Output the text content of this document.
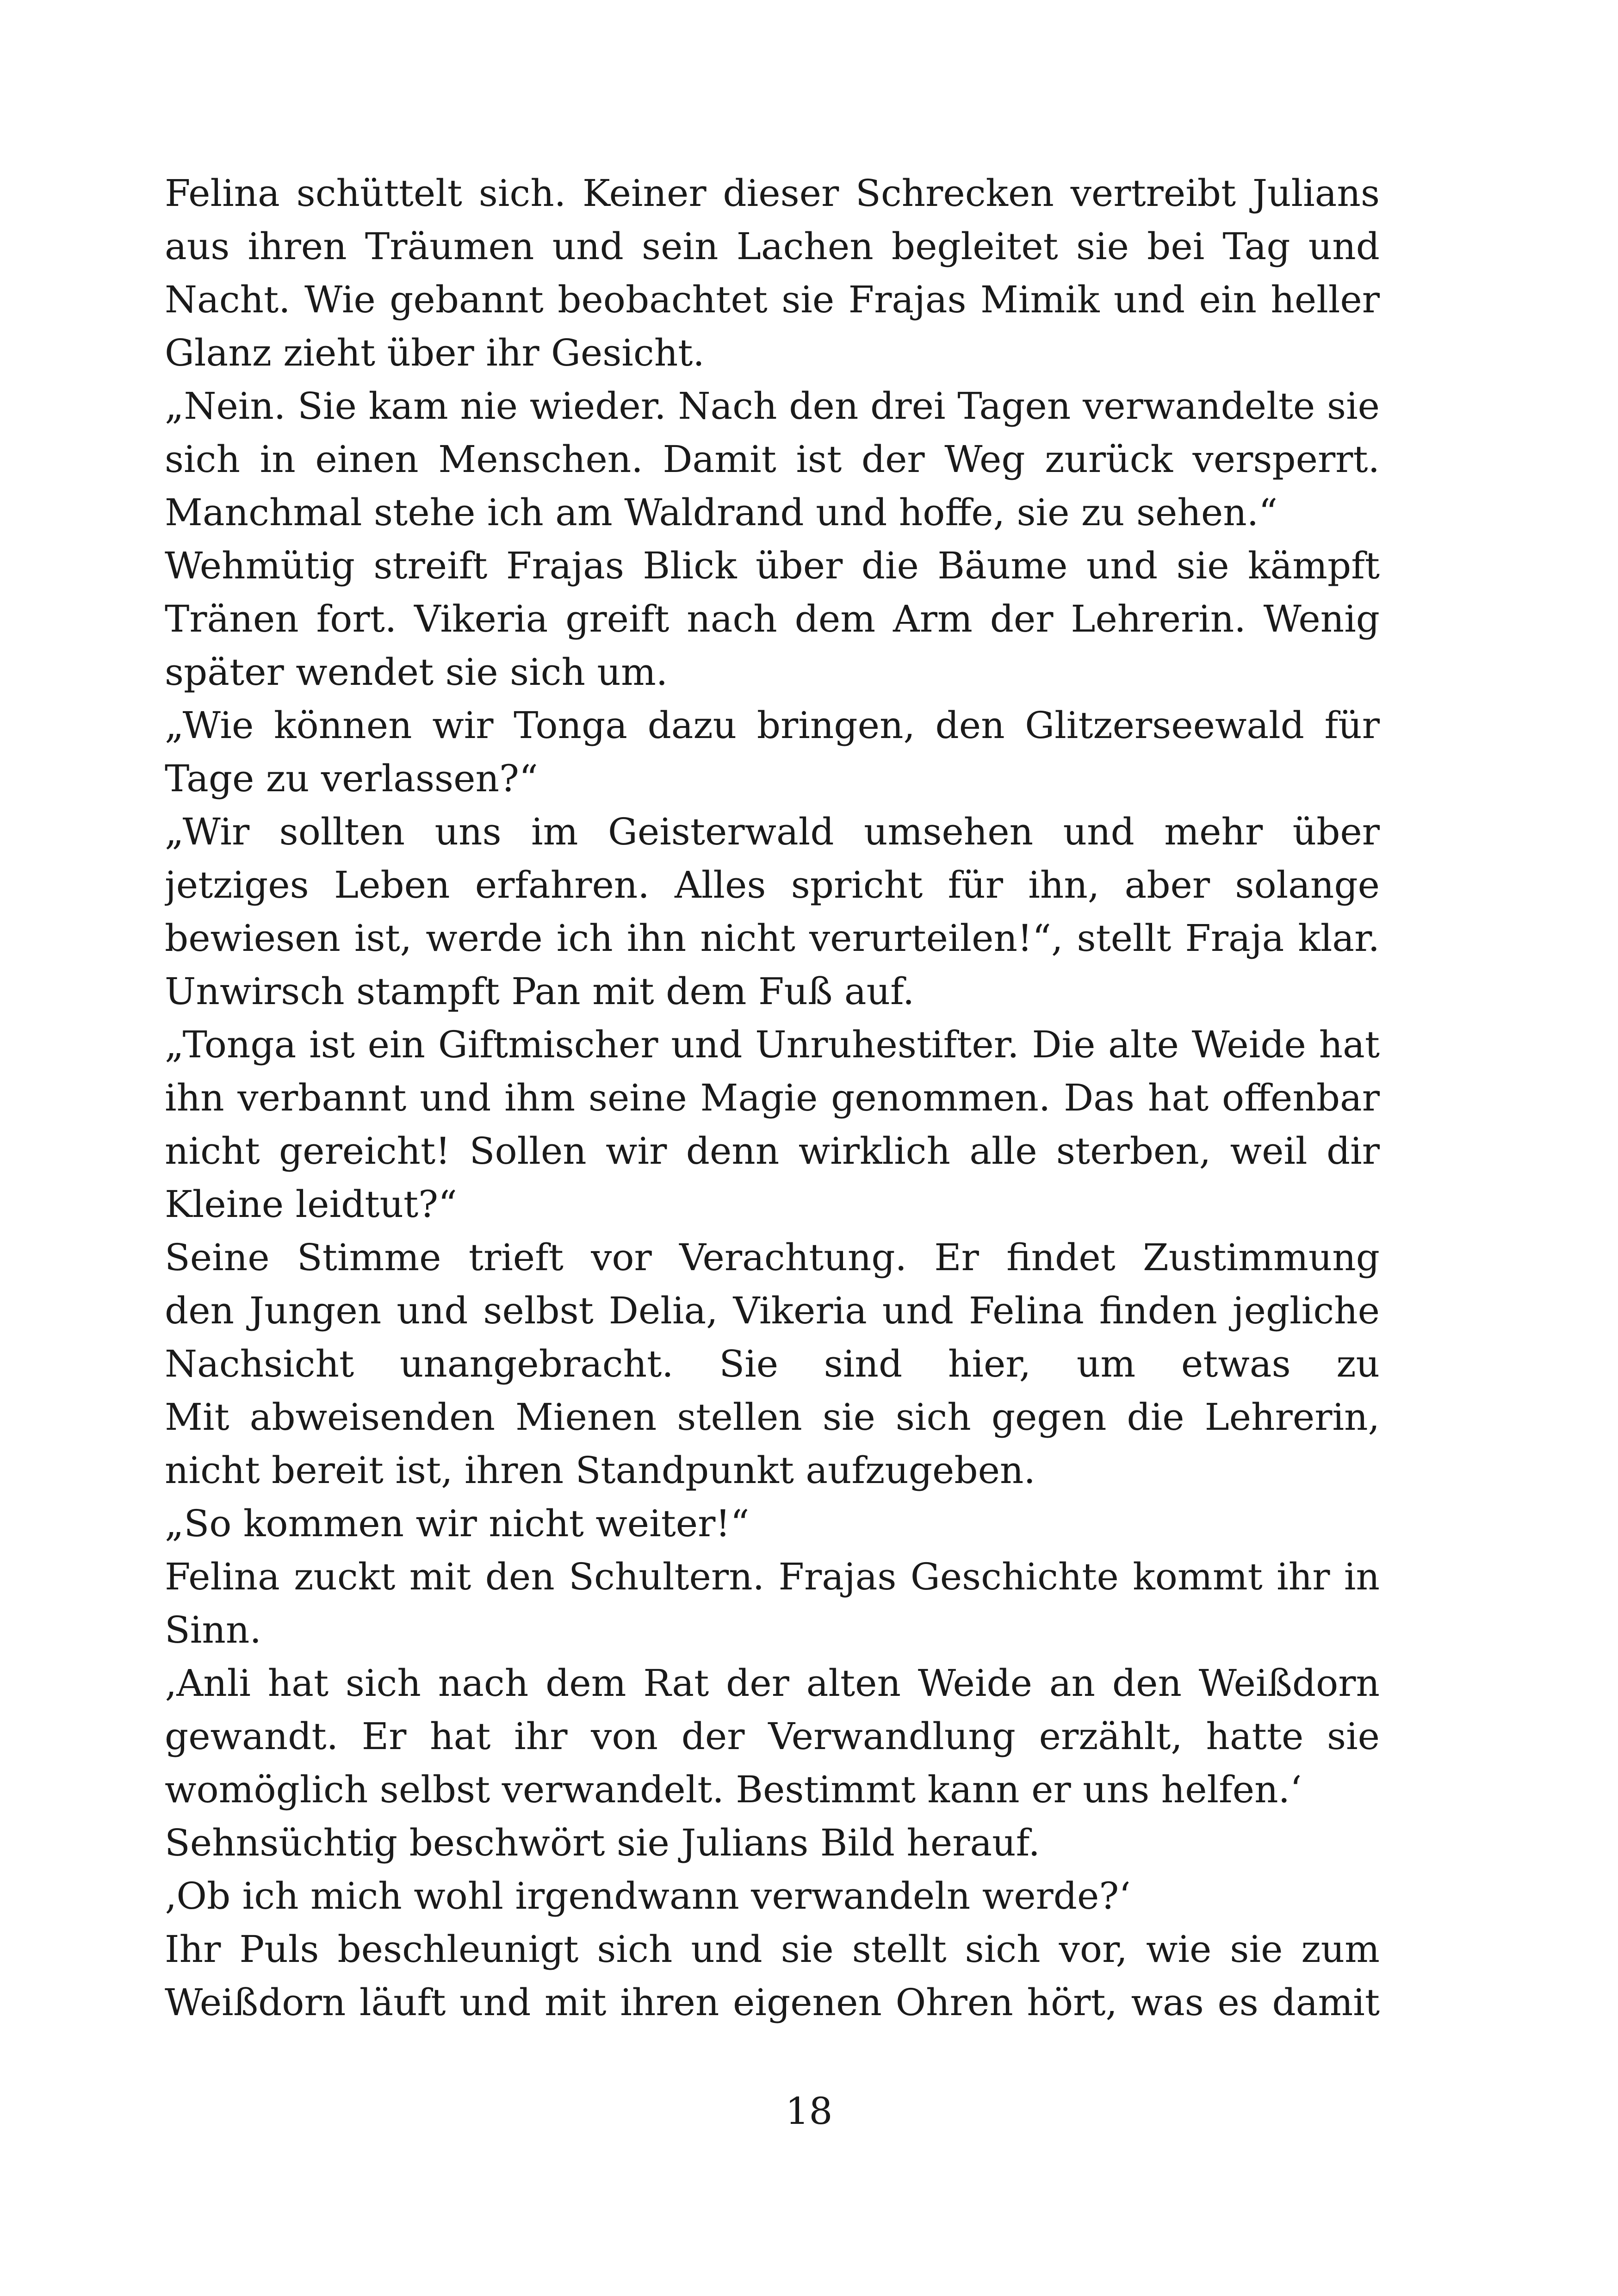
Felina schüttelt sich. Keiner dieser Schrecken vertreibt Julians
aus ihren Träumen und sein Lachen begleitet sie bei Tag und
Nacht. Wie gebannt beobachtet sie Frajas Mimik und ein heller
Glanz zieht über ihr Gesicht.
„Nein. Sie kam nie wieder. Nach den drei Tagen verwandelte sie
sich in einen Menschen. Damit ist der Weg zurück versperrt.
Manchmal stehe ich am Waldrand und hoffe, sie zu sehen.“
Wehmütig streift Frajas Blick über die Bäume und sie kämpft
Tränen fort. Vikeria greift nach dem Arm der Lehrerin. Wenig
später wendet sie sich um.
„Wie können wir Tonga dazu bringen, den Glitzerseewald für
Tage zu verlassen?“
„Wir sollten uns im Geisterwald umsehen und mehr über
jetziges Leben erfahren. Alles spricht für ihn, aber solange
bewiesen ist, werde ich ihn nicht verurteilen!“, stellt Fraja klar.
Unwirsch stampft Pan mit dem Fuß auf.
„Tonga ist ein Giftmischer und Unruhestifter. Die alte Weide hat
ihn verbannt und ihm seine Magie genommen. Das hat offenbar
nicht gereicht! Sollen wir denn wirklich alle sterben, weil dir
Kleine leidtut?“
Seine Stimme trieft vor Verachtung. Er findet Zustimmung
den Jungen und selbst Delia, Vikeria und Felina finden jegliche
Nachsicht unangebracht. Sie sind hier, um etwas zu
Mit abweisenden Mienen stellen sie sich gegen die Lehrerin,
nicht bereit ist, ihren Standpunkt aufzugeben.
„So kommen wir nicht weiter!“
Felina zuckt mit den Schultern. Frajas Geschichte kommt ihr in
Sinn.
‚Anli hat sich nach dem Rat der alten Weide an den Weißdorn
gewandt. Er hat ihr von der Verwandlung erzählt, hatte sie
womöglich selbst verwandelt. Bestimmt kann er uns helfen.‘
Sehnsüchtig beschwört sie Julians Bild herauf.
‚Ob ich mich wohl irgendwann verwandeln werde?‘
Ihr Puls beschleunigt sich und sie stellt sich vor, wie sie zum
Weißdorn läuft und mit ihren eigenen Ohren hört, was es damit
18
